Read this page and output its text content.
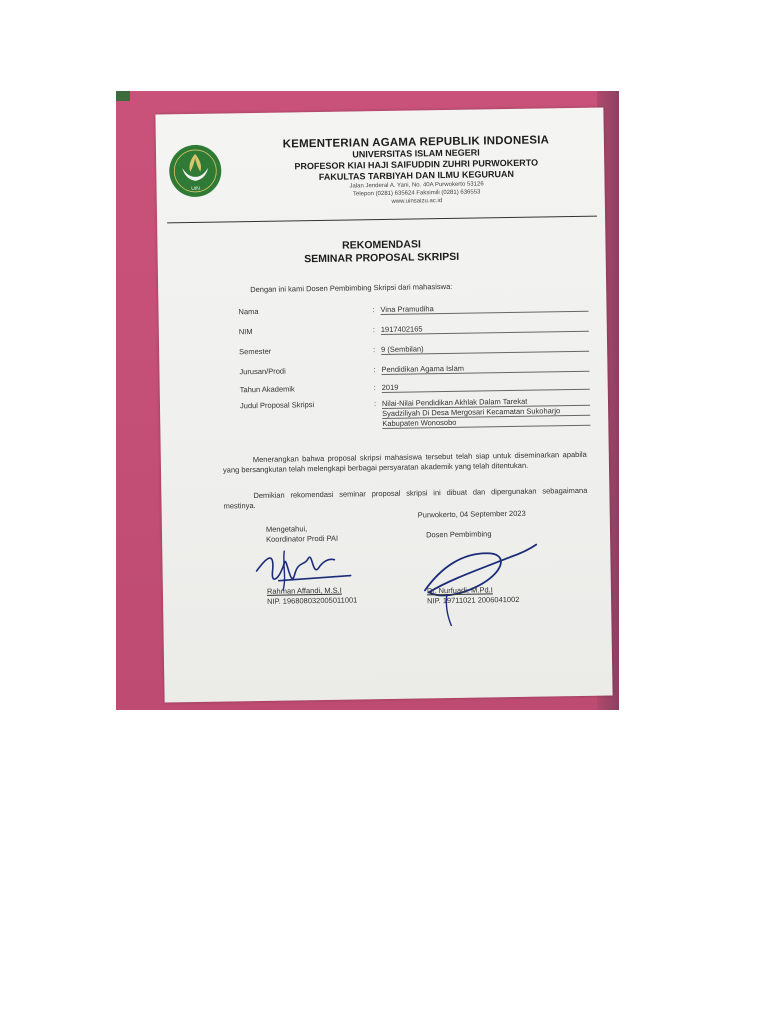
UIN
KEMENTERIAN AGAMA REPUBLIK INDONESIA
UNIVERSITAS ISLAM NEGERI
PROFESOR KIAI HAJI SAIFUDDIN ZUHRI PURWOKERTO
FAKULTAS TARBIYAH DAN ILMU KEGURUAN
Jalan Jenderal A. Yani, No. 40A Purwokerto 53126
Telepon (0281) 635624 Faksimili (0281) 636553
www.uinsaizu.ac.id
REKOMENDASI
SEMINAR PROPOSAL SKRIPSI
Dengan ini kami Dosen Pembimbing Skripsi dari mahasiswa:
Nama	: Vina Pramudiha
NIM	: 1917402165
Semester	: 9 (Sembilan)
Jurusan/Prodi	: Pendidikan Agama Islam
Tahun Akademik	: 2019
Judul Proposal Skripsi	: Nilai-Nilai Pendidikan Akhlak Dalam Tarekat
Syadziliyah Di Desa Mergosari Kecamatan Sukoharjo
Kabupaten Wonosobo
Menerangkan bahwa proposal skripsi mahasiswa tersebut telah siap untuk diseminarkan apabila yang bersangkutan telah melengkapi berbagai persyaratan akademik yang telah ditentukan.
Demikian rekomendasi seminar proposal skripsi ini dibuat dan dipergunakan sebagaimana mestinya.
Purwokerto, 04 September 2023
Mengetahui,
Koordinator Prodi PAI	Dosen Pembimbing
Rahman Affandi, M.S.I
NIP. 196808032005011001
Dr. Nurfuadi, M.Pd.I
NIP. 19711021 2006041002
